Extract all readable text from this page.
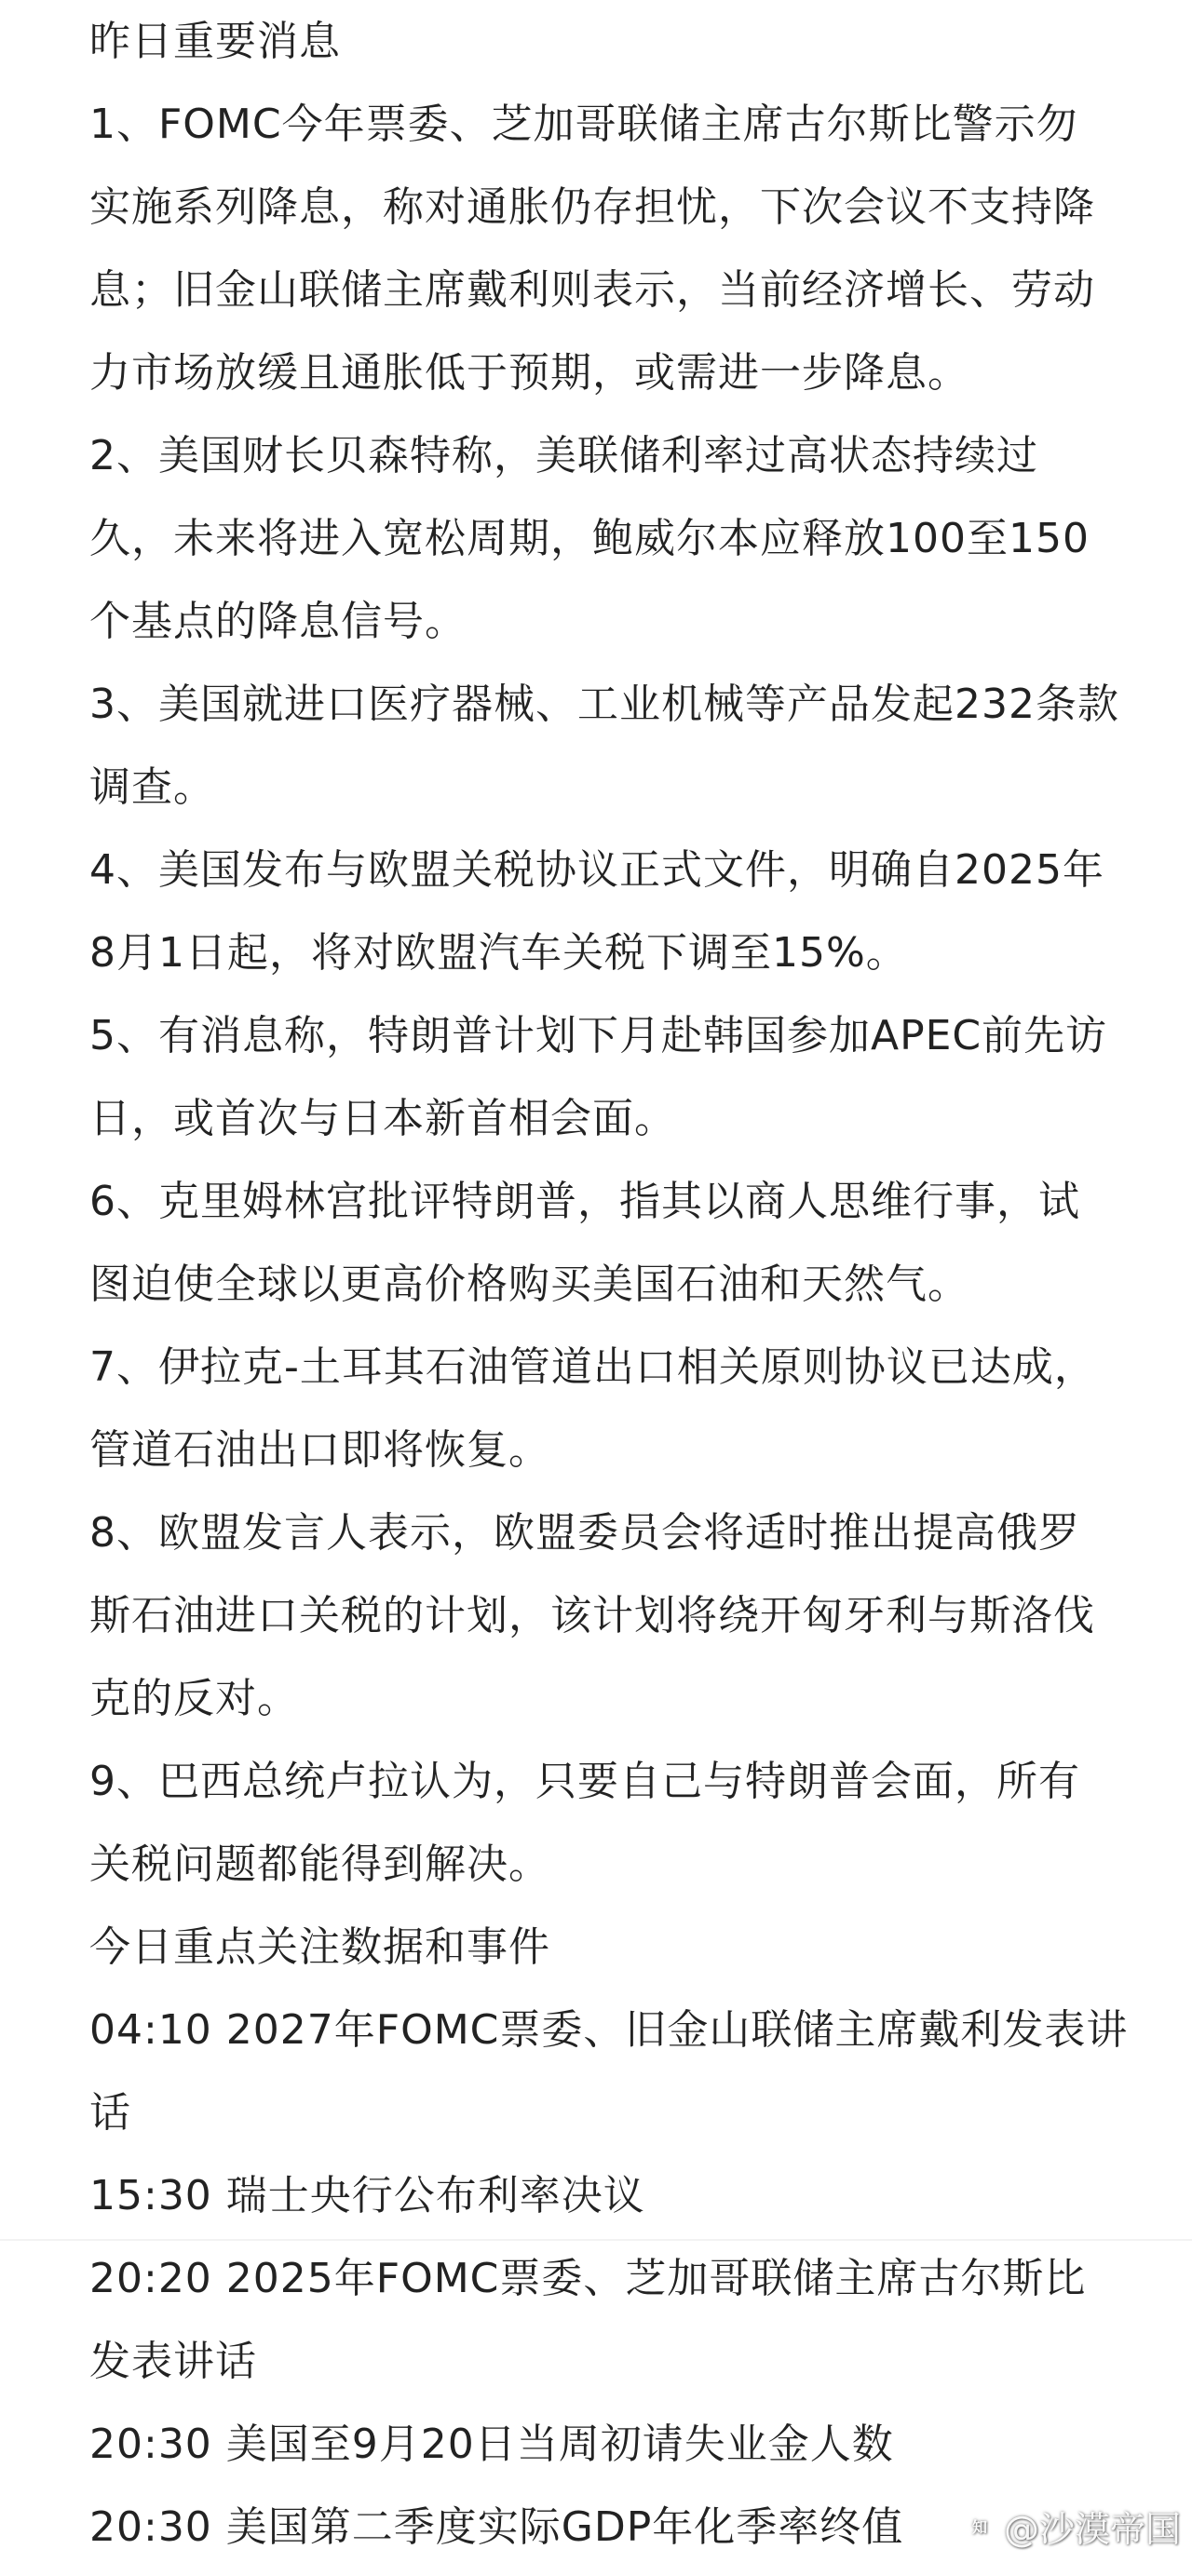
昨日重要消息
1、FOMC今年票委、芝加哥联储主席古尔斯比警示勿
实施系列降息，称对通胀仍存担忧，下次会议不支持降
息；旧金山联储主席戴利则表示，当前经济增长、劳动
力市场放缓且通胀低于预期，或需进一步降息。
2、美国财长贝森特称，美联储利率过高状态持续过
久，未来将进入宽松周期，鲍威尔本应释放100至150
个基点的降息信号。
3、美国就进口医疗器械、工业机械等产品发起232条款
调查。
4、美国发布与欧盟关税协议正式文件，明确自2025年
8月1日起，将对欧盟汽车关税下调至15%。
5、有消息称，特朗普计划下月赴韩国参加APEC前先访
日，或首次与日本新首相会面。
6、克里姆林宫批评特朗普，指其以商人思维行事，试
图迫使全球以更高价格购买美国石油和天然气。
7、伊拉克-土耳其石油管道出口相关原则协议已达成，
管道石油出口即将恢复。
8、欧盟发言人表示，欧盟委员会将适时推出提高俄罗
斯石油进口关税的计划，该计划将绕开匈牙利与斯洛伐
克的反对。
9、巴西总统卢拉认为，只要自己与特朗普会面，所有
关税问题都能得到解决。
今日重点关注数据和事件
04:10 2027年FOMC票委、旧金山联储主席戴利发表讲
话
15:30 瑞士央行公布利率决议
20:20 2025年FOMC票委、芝加哥联储主席古尔斯比
发表讲话
20:30 美国至9月20日当周初请失业金人数
20:30 美国第二季度实际GDP年化季率终值	知 @沙漠帝国
